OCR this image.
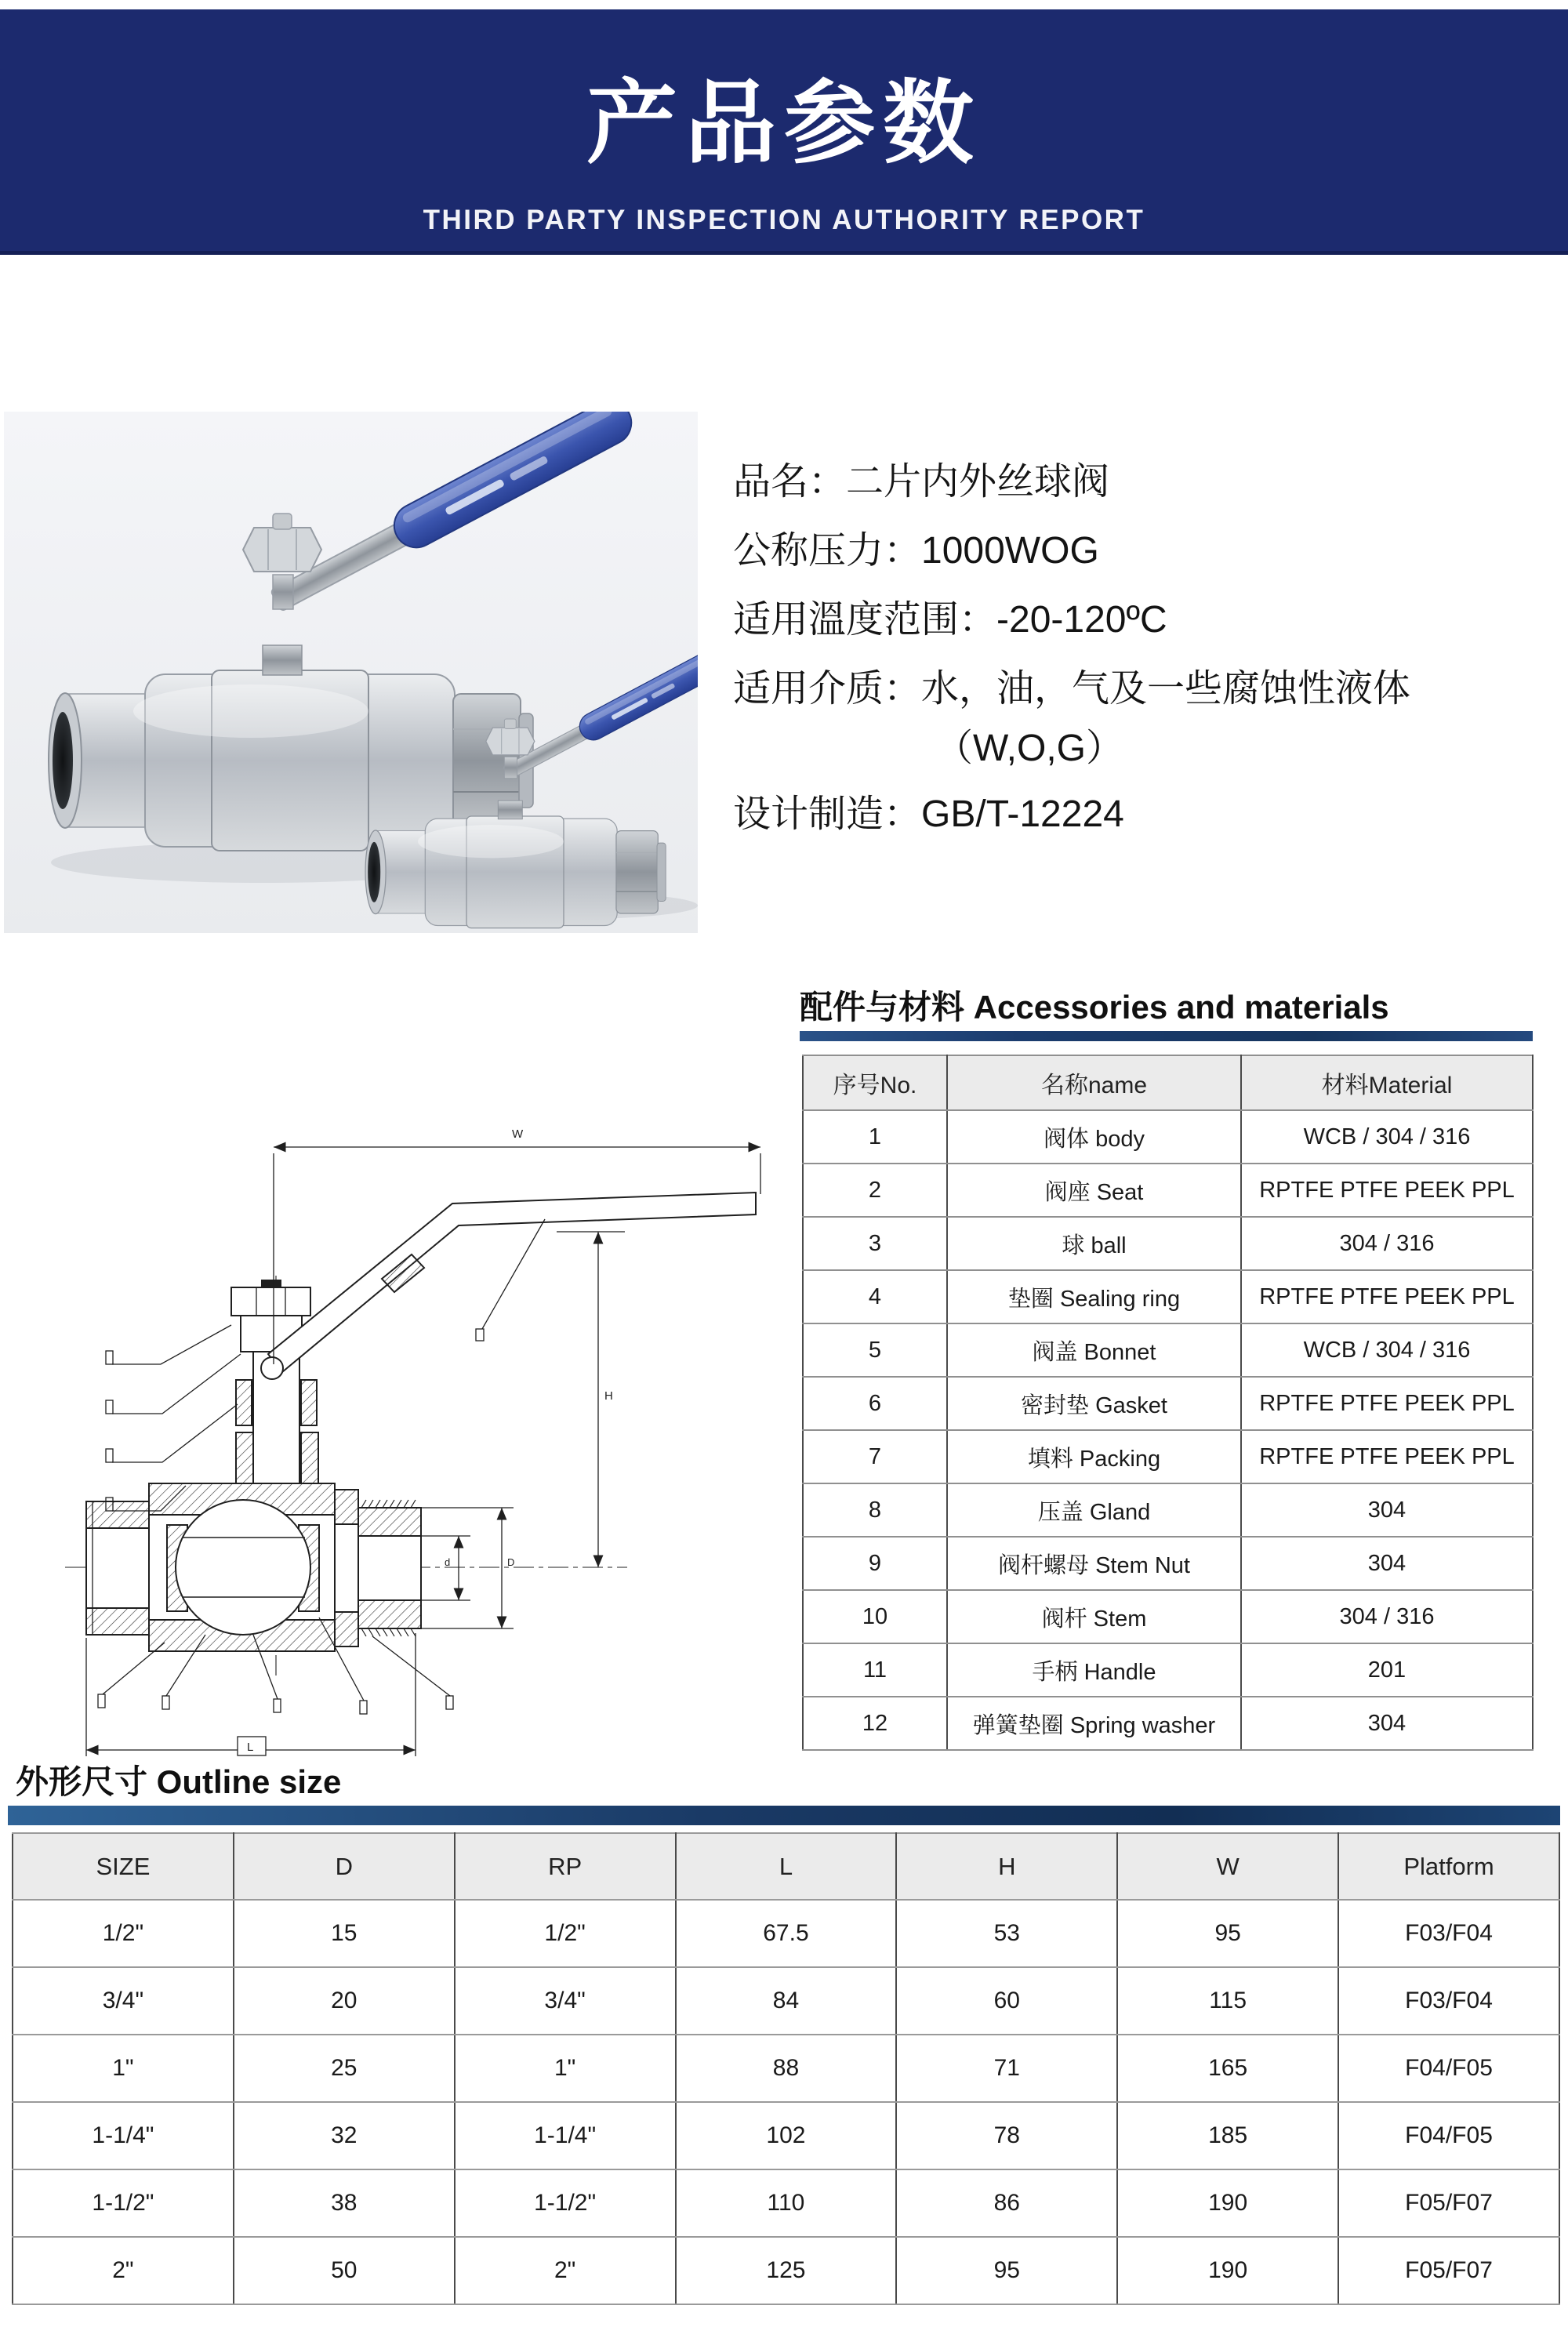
产品参数
THIRD PARTY INSPECTION AUTHORITY REPORT
品名：二片内外丝球阀
公称压力：1000WOG
适用溫度范围：-20-120ºC
适用介质：水，油，气及一些腐蚀性液体
（W,O,G）
设计制造：GB/T-12224
配件与材料 Accessories and materials
序号No.	名称name	材料Material
1	阀体 body	WCB / 304 / 316
2	阀座 Seat	RPTFE PTFE PEEK PPL
3	球 ball	304 / 316
4	垫圈 Sealing ring	RPTFE PTFE PEEK PPL
5	阀盖 Bonnet	WCB / 304 / 316
6	密封垫 Gasket	RPTFE PTFE PEEK PPL
7	填料 Packing	RPTFE PTFE PEEK PPL
8	压盖 Gland	304
9	阀杆螺母 Stem Nut	304
10	阀杆 Stem	304 / 316
11	手柄 Handle	201
12	弹簧垫圈 Spring washer	304
W
H
L
d	D
外形尺寸 Outline size
SIZE	D	RP	L	H	W	Platform
1/2"	15	1/2"	67.5	53	95	F03/F04
3/4"	20	3/4"	84	60	115	F03/F04
1"	25	1"	88	71	165	F04/F05
1-1/4"	32	1-1/4"	102	78	185	F04/F05
1-1/2"	38	1-1/2"	110	86	190	F05/F07
2"	50	2"	125	95	190	F05/F07
